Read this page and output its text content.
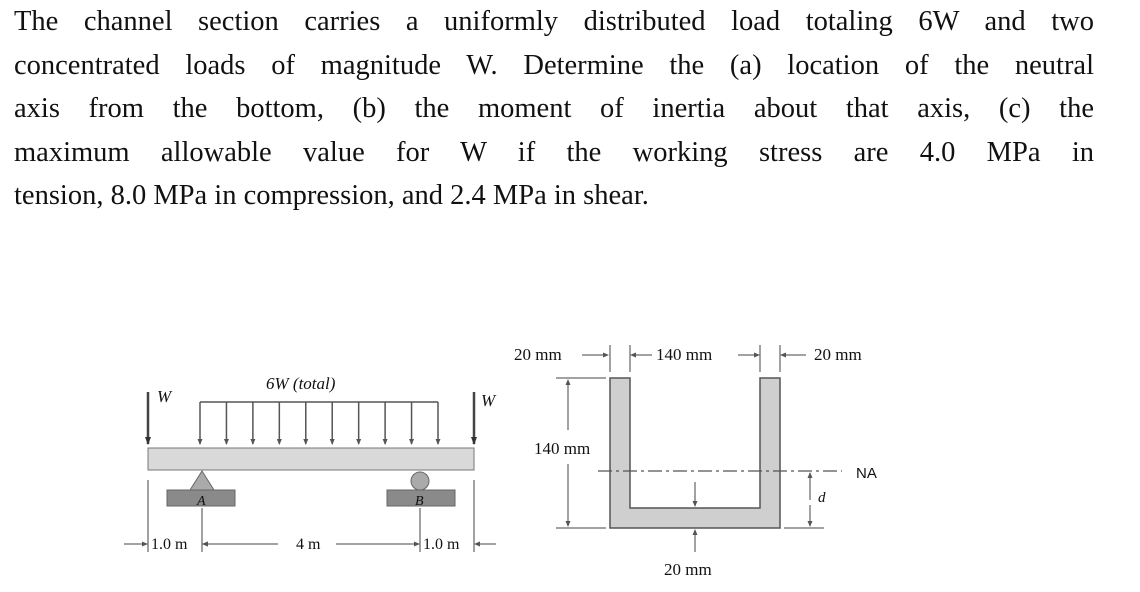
The channel section carries a uniformly distributed load totaling 6W and two
concentrated loads of magnitude W. Determine the (a) location of the neutral
axis from the bottom, (b) the moment of inertia about that axis, (c) the
maximum allowable value for W if the working stress are 4.0 MPa in
tension, 8.0 MPa in compression, and 2.4 MPa in shear.
W	W
6W (total)
A	B
1.0 m	4 m	1.0 m
20 mm	140 mm	20 mm
140 mm
20 mm
NA
d
